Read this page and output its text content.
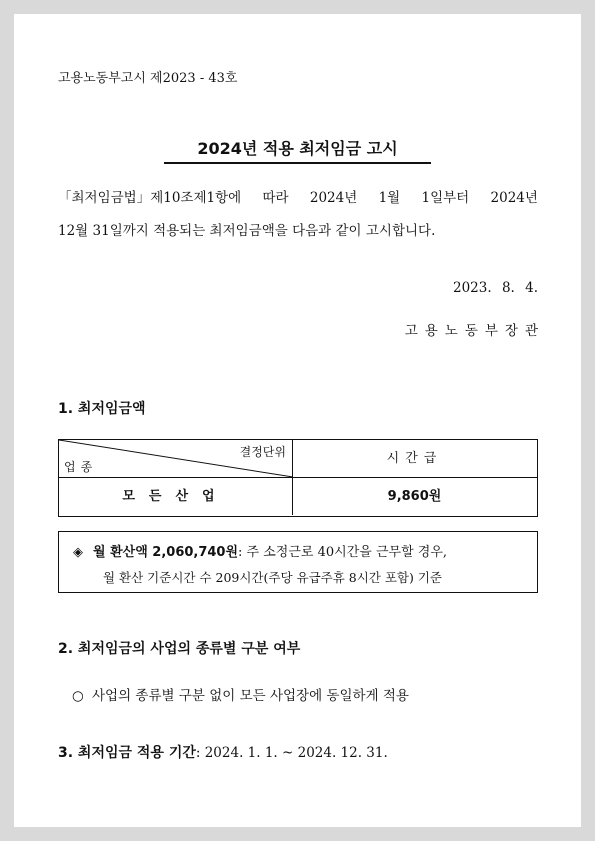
고용노동부고시 제2023 - 43호
2024년 적용 최저임금 고시
「최저임금법」제10조제1항에 따라 2024년 1월 1일부터 2024년
12월 31일까지 적용되는 최저임금액을 다음과 같이 고시합니다.
2023. 8. 4.
고용노동부장관
1. 최저임금액
결정단위
업종
시간급
모든산업	9,860원
◈ 월 환산액 2,060,740원: 주 소정근로 40시간을 근무할 경우,
월 환산 기준시간 수 209시간(주당 유급주휴 8시간 포함) 기준
2. 최저임금의 사업의 종류별 구분 여부
○ 사업의 종류별 구분 없이 모든 사업장에 동일하게 적용
3. 최저임금 적용 기간: 2024. 1. 1. ~ 2024. 12. 31.
